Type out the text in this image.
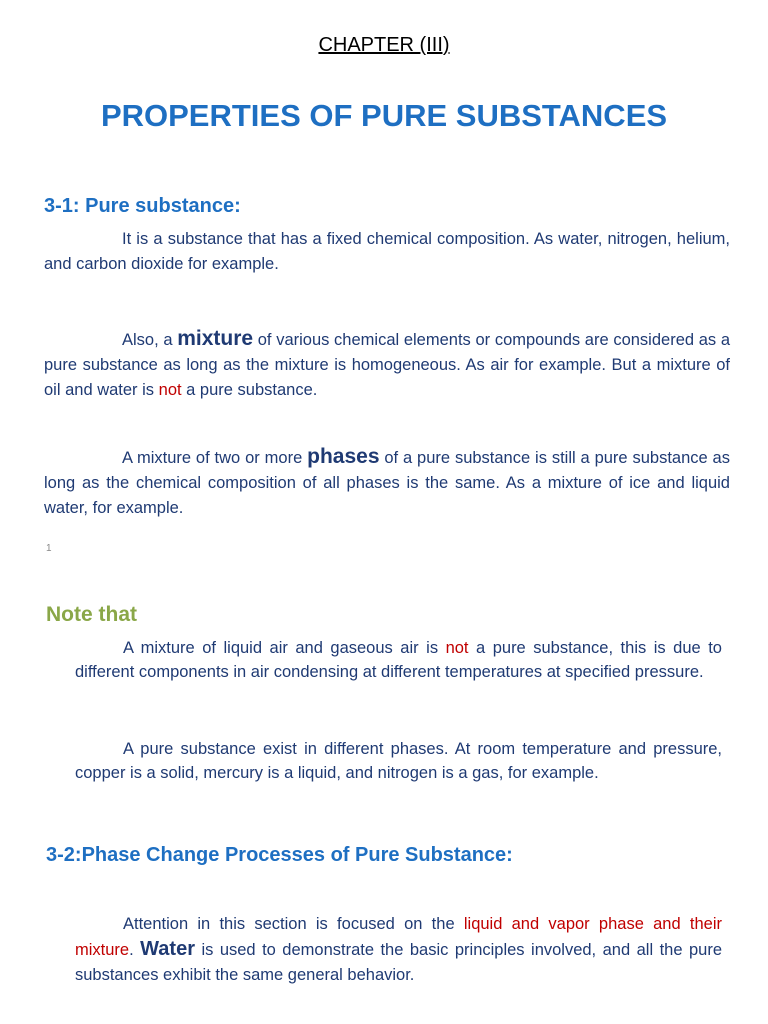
CHAPTER (III)
PROPERTIES OF PURE SUBSTANCES
3-1: Pure substance:
It is a substance that has a fixed chemical composition. As water, nitrogen, helium, and carbon dioxide for example.
Also, a mixture of various chemical elements or compounds are considered as a pure substance as long as the mixture is homogeneous. As air for example. But a mixture of oil and water is not a pure substance.
A mixture of two or more phases of a pure substance is still a pure substance as long as the chemical composition of all phases is the same. As a mixture of ice and liquid water, for example.
1
Note that
A mixture of liquid air and gaseous air is not a pure substance, this is due to different components in air condensing at different temperatures at specified pressure.
A pure substance exist in different phases. At room temperature and pressure, copper is a solid, mercury is a liquid, and nitrogen is a gas, for example.
3-2:Phase Change Processes of Pure Substance:
Attention in this section is focused on the liquid and vapor phase and their mixture. Water is used to demonstrate the basic principles involved, and all the pure substances exhibit the same general behavior.
